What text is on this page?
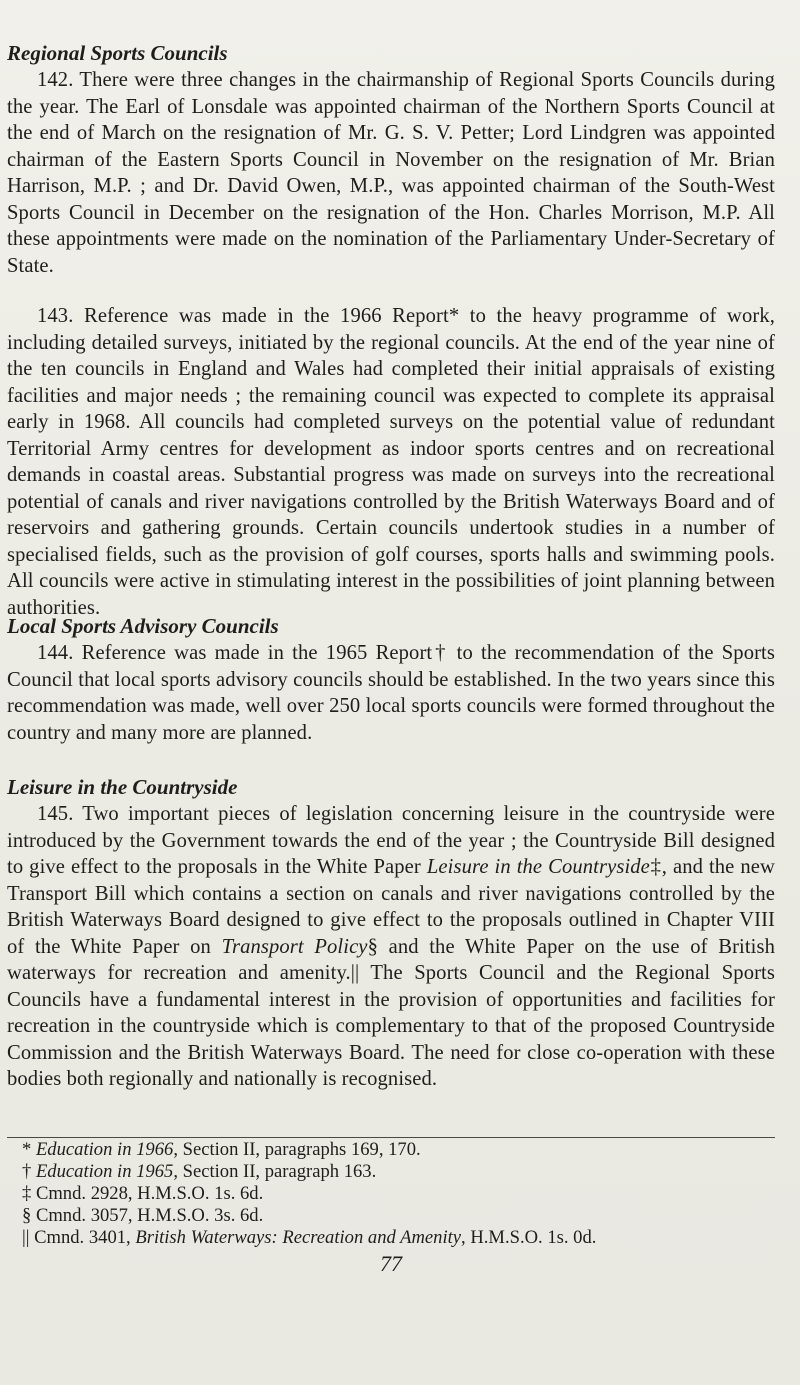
Regional Sports Councils

142. There were three changes in the chairmanship of Regional Sports Councils during the year. The Earl of Lonsdale was appointed chairman of the Northern Sports Council at the end of March on the resignation of Mr. G. S. V. Petter; Lord Lindgren was appointed chairman of the Eastern Sports Council in November on the resignation of Mr. Brian Harrison, M.P. ; and Dr. David Owen, M.P., was appointed chairman of the South-West Sports Council in December on the resignation of the Hon. Charles Morrison, M.P. All these appointments were made on the nomination of the Parliamentary Under-Secretary of State.

143. Reference was made in the 1966 Report* to the heavy programme of work, including detailed surveys, initiated by the regional councils. At the end of the year nine of the ten councils in England and Wales had completed their initial appraisals of existing facilities and major needs ; the remaining council was expected to complete its appraisal early in 1968. All councils had completed surveys on the potential value of redundant Territorial Army centres for development as indoor sports centres and on recreational demands in coastal areas. Substantial progress was made on surveys into the recreational potential of canals and river navigations controlled by the British Waterways Board and of reservoirs and gathering grounds. Certain councils undertook studies in a number of specialised fields, such as the provision of golf courses, sports halls and swimming pools. All councils were active in stimulating interest in the possibilities of joint planning between authorities.

Local Sports Advisory Councils

144. Reference was made in the 1965 Report† to the recommendation of the Sports Council that local sports advisory councils should be established. In the two years since this recommendation was made, well over 250 local sports councils were formed throughout the country and many more are planned.

Leisure in the Countryside

145. Two important pieces of legislation concerning leisure in the countryside were introduced by the Government towards the end of the year ; the Countryside Bill designed to give effect to the proposals in the White Paper Leisure in the Countryside‡, and the new Transport Bill which contains a section on canals and river navigations controlled by the British Waterways Board designed to give effect to the proposals outlined in Chapter VIII of the White Paper on Transport Policy§ and the White Paper on the use of British waterways for recreation and amenity.|| The Sports Council and the Regional Sports Councils have a fundamental interest in the provision of opportunities and facilities for recreation in the countryside which is complementary to that of the proposed Countryside Commission and the British Waterways Board. The need for close co-operation with these bodies both regionally and nationally is recognised.

* Education in 1966, Section II, paragraphs 169, 170.

† Education in 1965, Section II, paragraph 163.

‡ Cmnd. 2928, H.M.S.O. 1s. 6d.

§ Cmnd. 3057, H.M.S.O. 3s. 6d.

|| Cmnd. 3401, British Waterways: Recreation and Amenity, H.M.S.O. 1s. 0d.

77
